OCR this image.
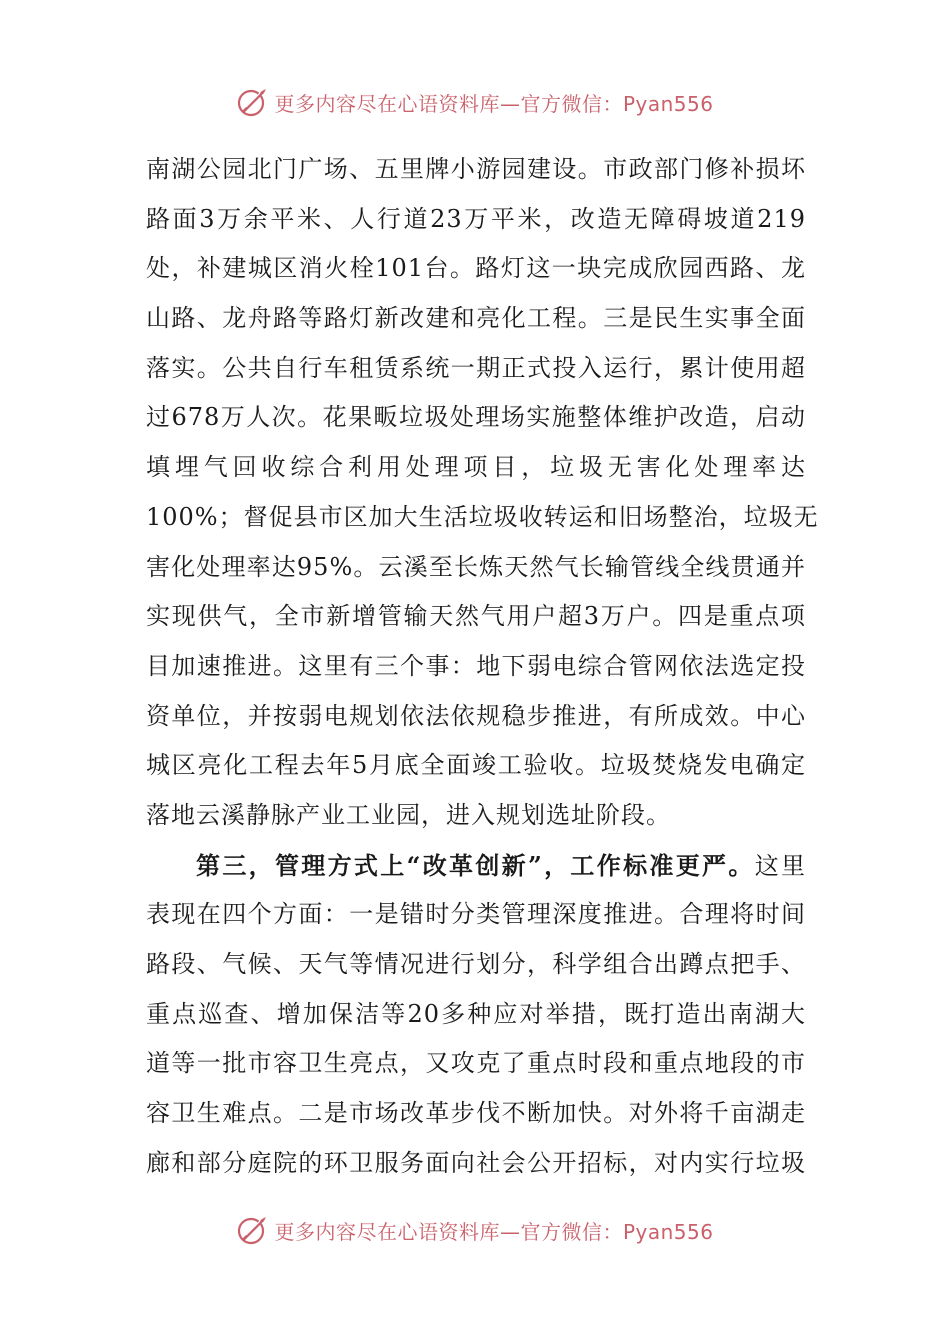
更多内容尽在心语资料库—官方微信：Pyan556
南湖公园北门广场、五里牌小游园建设。市政部门修补损坏
路面3万余平米、人行道23万平米，改造无障碍坡道219
处，补建城区消火栓101台。路灯这一块完成欣园西路、龙
山路、龙舟路等路灯新改建和亮化工程。三是民生实事全面
落实。公共自行车租赁系统一期正式投入运行，累计使用超
过678万人次。花果畈垃圾处理场实施整体维护改造，启动
填埋气回收综合利用处理项目，垃圾无害化处理率达
100%；督促县市区加大生活垃圾收转运和旧场整治，垃圾无
害化处理率达95%。云溪至长炼天然气长输管线全线贯通并
实现供气，全市新增管输天然气用户超3万户。四是重点项
目加速推进。这里有三个事：地下弱电综合管网依法选定投
资单位，并按弱电规划依法依规稳步推进，有所成效。中心
城区亮化工程去年5月底全面竣工验收。垃圾焚烧发电确定
落地云溪静脉产业工业园，进入规划选址阶段。
第三，管理方式上“改革创新”，工作标准更严。这里
表现在四个方面：一是错时分类管理深度推进。合理将时间
路段、气候、天气等情况进行划分，科学组合出蹲点把手、
重点巡查、增加保洁等20多种应对举措，既打造出南湖大
道等一批市容卫生亮点，又攻克了重点时段和重点地段的市
容卫生难点。二是市场改革步伐不断加快。对外将千亩湖走
廊和部分庭院的环卫服务面向社会公开招标，对内实行垃圾
更多内容尽在心语资料库—官方微信：Pyan556
